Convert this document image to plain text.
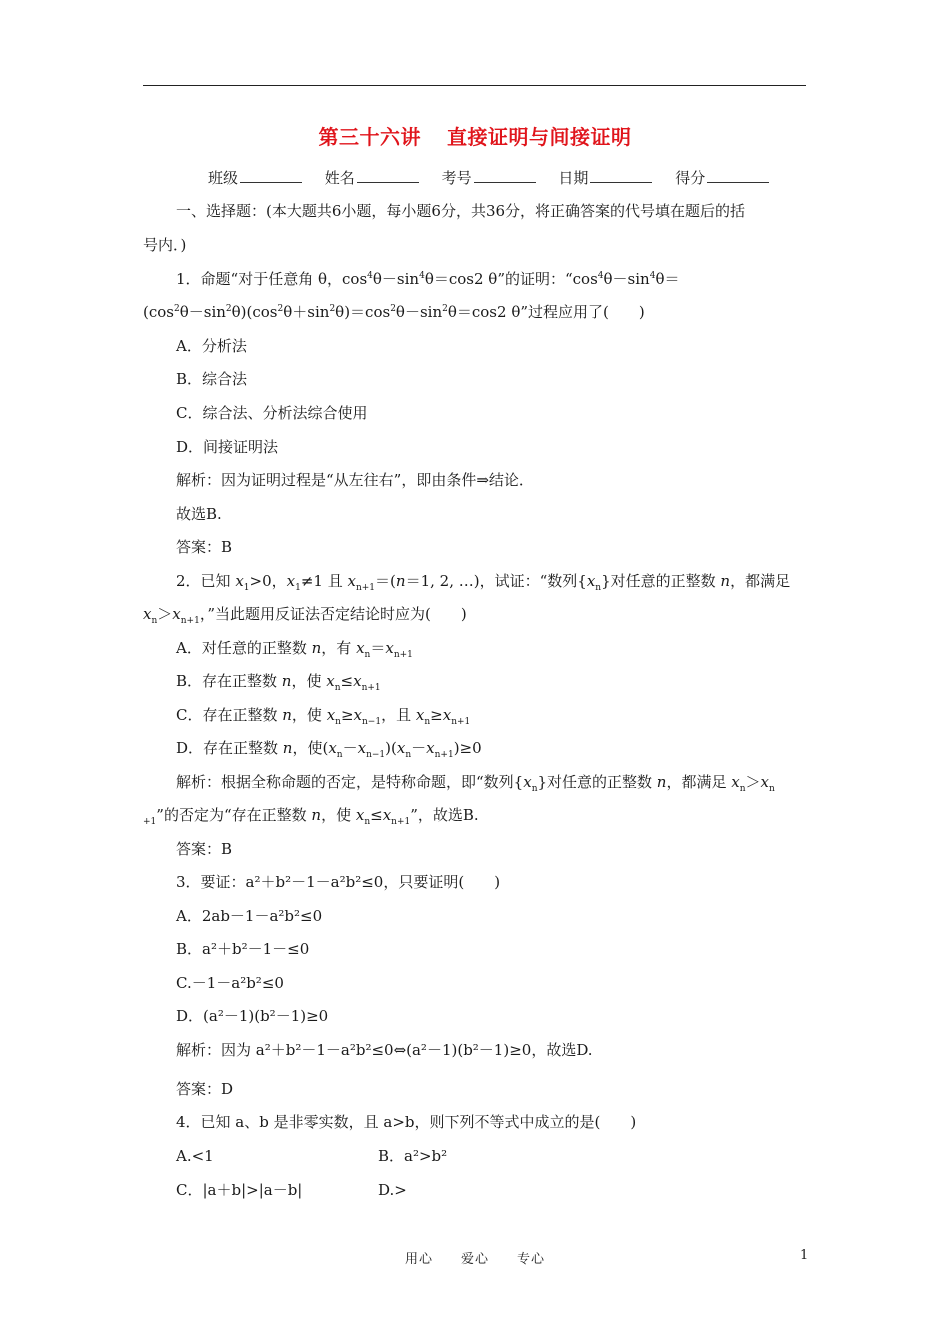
第三十六讲 直接证明与间接证明
班级	姓名	考号	日期	得分
一、选择题：(本大题共6小题，每小题6分，共36分，将正确答案的代号填在题后的括
号内．)
1．命题“对于任意角 θ，$\cos^4\theta-\sin^4\theta=\cos 2$ θ”的证明：“$\cos^4\theta-\sin^4\theta=$
$(\cos^2\theta-\sin^2\theta)(\cos^2\theta+\sin^2\theta)=\cos^2\theta-\sin^2\theta=\cos 2$ θ”过程应用了(　　)
A．分析法
B．综合法
C．综合法、分析法综合使用
D．间接证明法
解析：因为证明过程是“从左往右”，即由条件⇒结论．
故选B.
答案：B
2．已知 $x_1>0$，$x_1\ne 1$ 且 $x_{n+1}=(n=1$, 2, …)，试证：“数列$\{x_n\}$对任意的正整数 n，都满足
$x_n>x_{n+1}$，”当此题用反证法否定结论时应为(　　)
A．对任意的正整数 n，有 $x_n=x_{n+1}$
B．存在正整数 n，使 $x_n\le x_{n+1}$
C．存在正整数 n，使 $x_n\ge x_{n-1}$，且 $x_n\ge x_{n+1}$
D．存在正整数 n，使$(x_n-x_{n-1})(x_n-x_{n+1})\ge 0$
解析：根据全称命题的否定，是特称命题，即“数列$\{x_n\}$对任意的正整数 n，都满足 $x_n>x_n$
$_{+1}$”的否定为“存在正整数 n，使 $x_n\le x_{n+1}$”，故选B.
答案：B
3．要证：a²＋b²－1－a²b²≤0，只要证明(　　)
A．2ab－1－a²b²≤0
B．a²＋b²－1－≤0
C.－1－a²b²≤0
D．(a²－1)(b²－1)≥0
解析：因为 a²＋b²－1－a²b²≤0⇔(a²－1)(b²－1)≥0，故选D.
答案：D
4．已知 a、b 是非零实数，且 a>b，则下列不等式中成立的是(　　)
A.<1	B．a²>b²
C．|a＋b|>|a－b|	D.>
用心 爱心 专心	1
